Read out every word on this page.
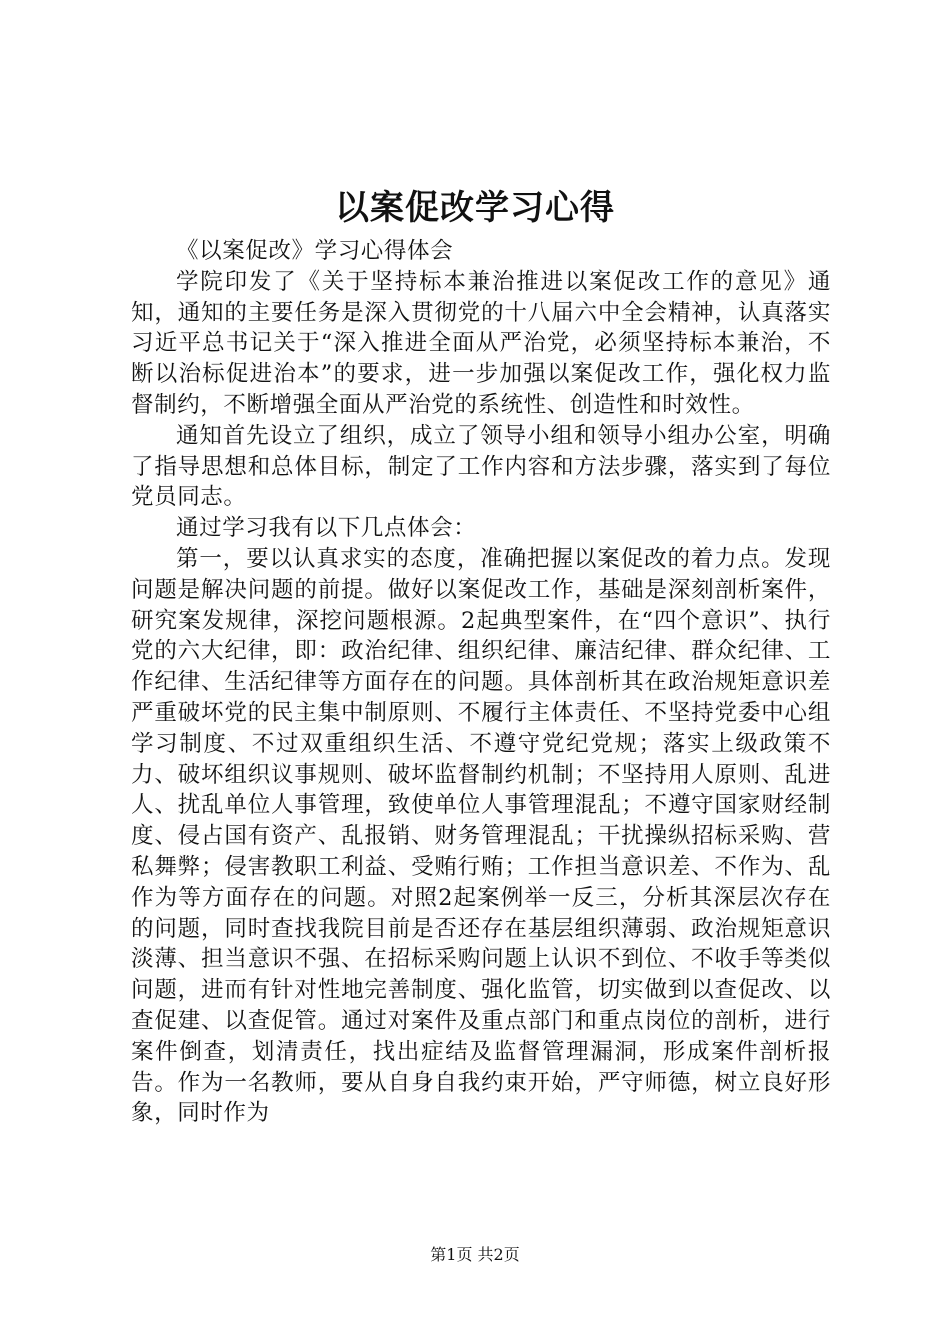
以案促改学习心得

《以案促改》学习心得体会

学院印发了《关于坚持标本兼治推进以案促改工作的意见》通知，通知的主要任务是深入贯彻党的十八届六中全会精神，认真落实习近平总书记关于“深入推进全面从严治党，必须坚持标本兼治，不断以治标促进治本”的要求，进一步加强以案促改工作，强化权力监督制约，不断增强全面从严治党的系统性、创造性和时效性。

通知首先设立了组织，成立了领导小组和领导小组办公室，明确了指导思想和总体目标，制定了工作内容和方法步骤，落实到了每位党员同志。

通过学习我有以下几点体会：

第一，要以认真求实的态度，准确把握以案促改的着力点。发现问题是解决问题的前提。做好以案促改工作，基础是深刻剖析案件，研究案发规律，深挖问题根源。2起典型案件，在“四个意识”、执行党的六大纪律，即：政治纪律、组织纪律、廉洁纪律、群众纪律、工作纪律、生活纪律等方面存在的问题。具体剖析其在政治规矩意识差严重破坏党的民主集中制原则、不履行主体责任、不坚持党委中心组学习制度、不过双重组织生活、不遵守党纪党规；落实上级政策不力、破坏组织议事规则、破坏监督制约机制；不坚持用人原则、乱进人、扰乱单位人事管理，致使单位人事管理混乱；不遵守国家财经制度、侵占国有资产、乱报销、财务管理混乱；干扰操纵招标采购、营私舞弊；侵害教职工利益、受贿行贿；工作担当意识差、不作为、乱作为等方面存在的问题。对照2起案例举一反三，分析其深层次存在的问题，同时查找我院目前是否还存在基层组织薄弱、政治规矩意识淡薄、担当意识不强、在招标采购问题上认识不到位、不收手等类似问题，进而有针对性地完善制度、强化监管，切实做到以查促改、以查促建、以查促管。通过对案件及重点部门和重点岗位的剖析，进行案件倒查，划清责任，找出症结及监督管理漏洞，形成案件剖析报告。作为一名教师，要从自身自我约束开始，严守师德，树立良好形象，同时作为

第1页 共2页
